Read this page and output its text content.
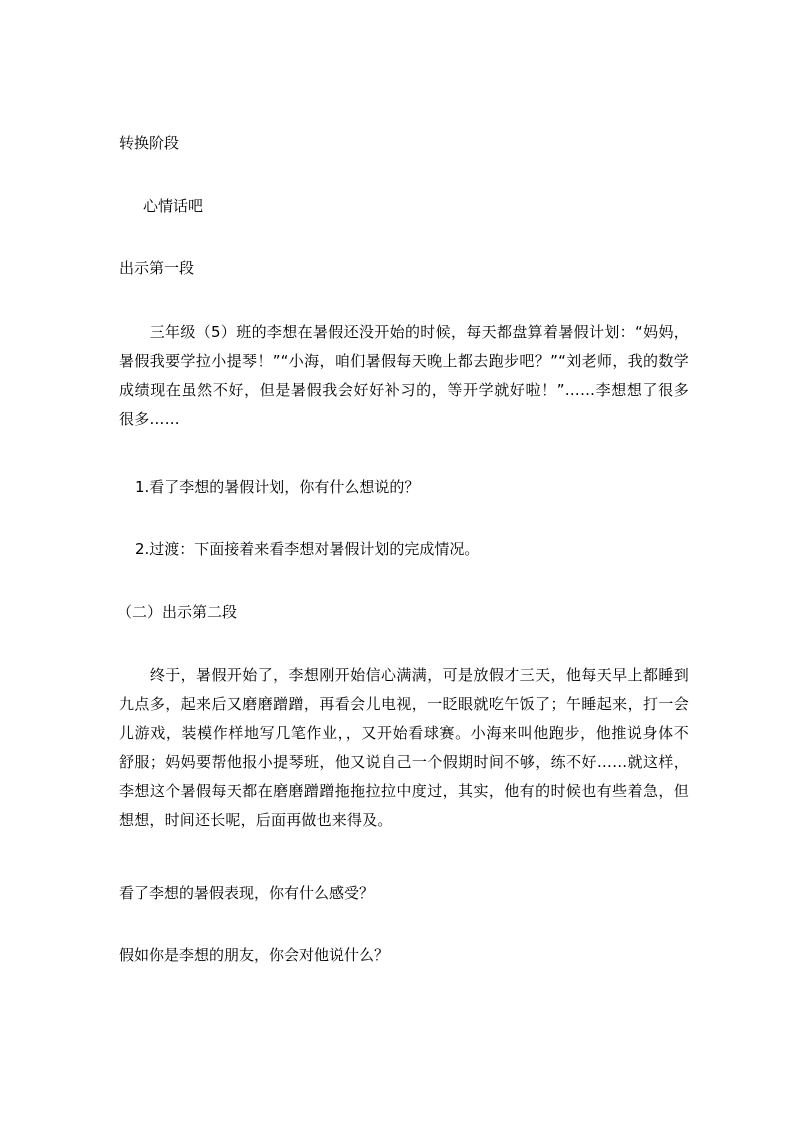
转换阶段

心情话吧

出示第一段

　　三年级（5）班的李想在暑假还没开始的时候，每天都盘算着暑假计划：“妈妈，暑假我要学拉小提琴！”“小海，咱们暑假每天晚上都去跑步吧？”“刘老师，我的数学成绩现在虽然不好，但是暑假我会好好补习的，等开学就好啦！”……李想想了很多很多……

1.看了李想的暑假计划，你有什么想说的？

2.过渡：下面接着来看李想对暑假计划的完成情况。

（二）出示第二段

　　终于，暑假开始了，李想刚开始信心满满，可是放假才三天，他每天早上都睡到九点多，起来后又磨磨蹭蹭，再看会儿电视，一眨眼就吃午饭了；午睡起来，打一会儿游戏，装模作样地写几笔作业，，又开始看球赛。小海来叫他跑步，他推说身体不舒服；妈妈要帮他报小提琴班，他又说自己一个假期时间不够，练不好……就这样，李想这个暑假每天都在磨磨蹭蹭拖拖拉拉中度过，其实，他有的时候也有些着急，但想想，时间还长呢，后面再做也来得及。

看了李想的暑假表现，你有什么感受？

假如你是李想的朋友，你会对他说什么？
